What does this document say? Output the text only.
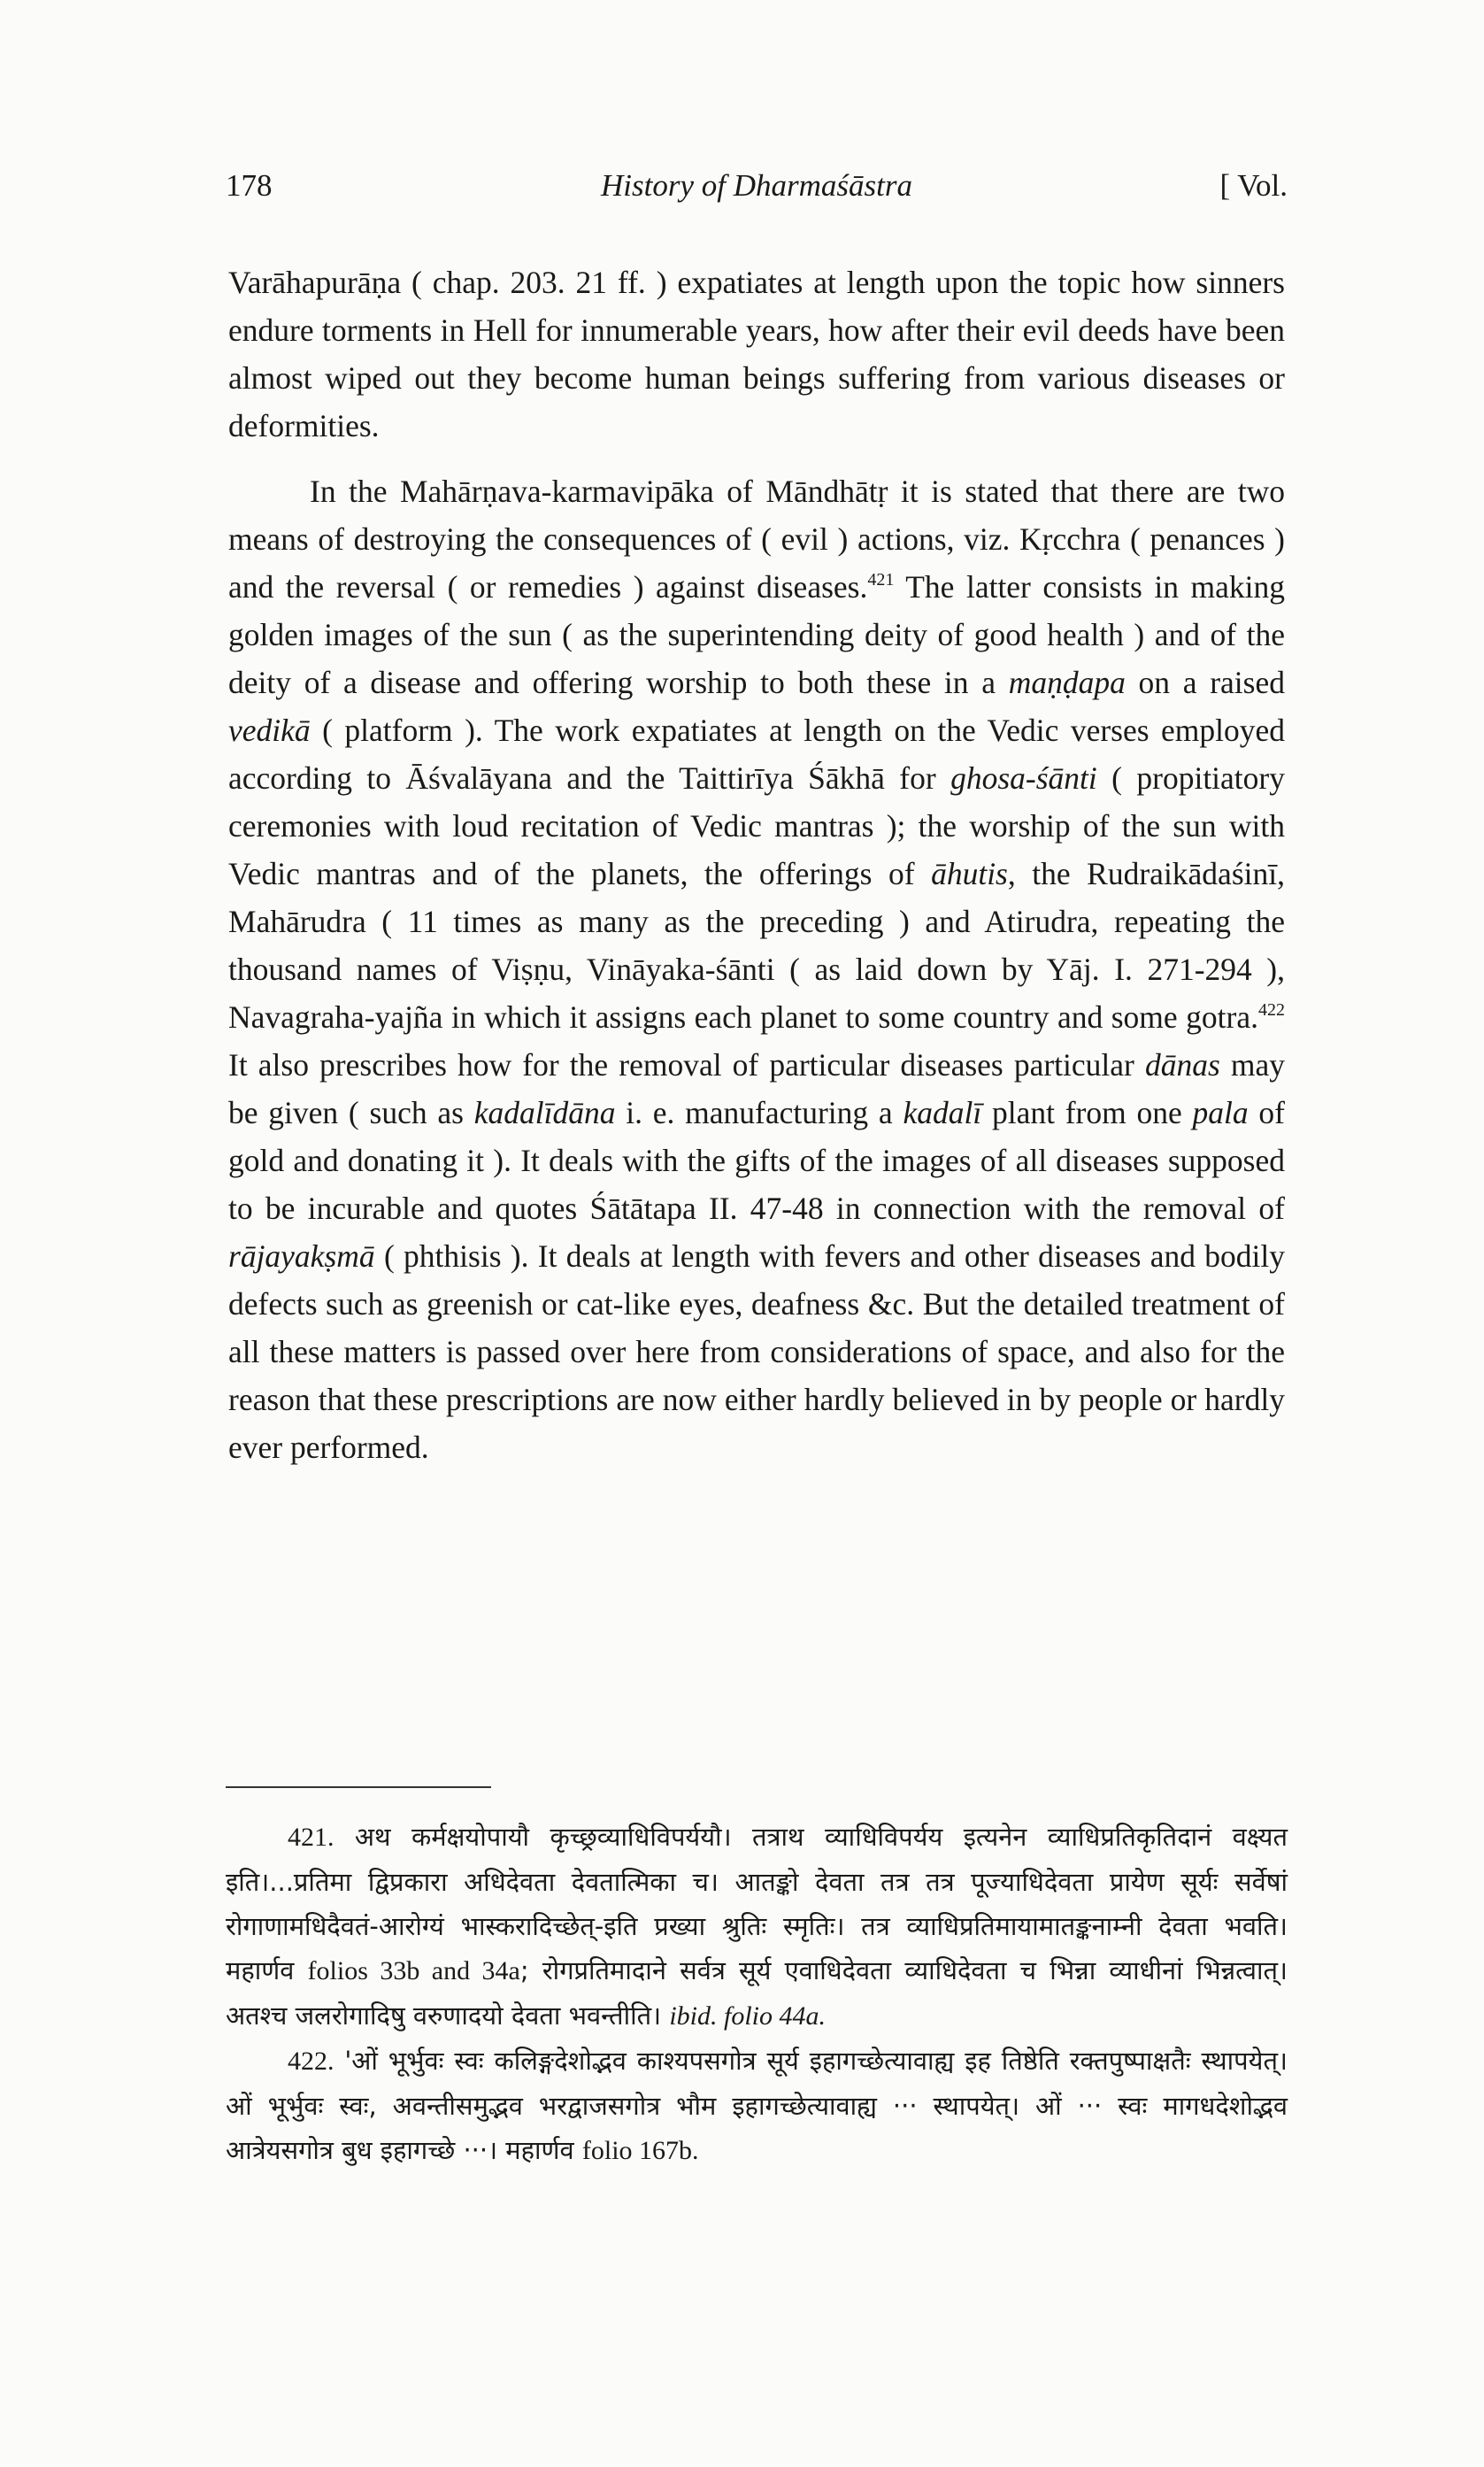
178	History of Dharmaśāstra	[ Vol.

Varāhapurāṇa ( chap. 203. 21 ff. ) expatiates at length upon the topic how sinners endure torments in Hell for innumerable years, how after their evil deeds have been almost wiped out they become human beings suffering from various diseases or deformities.

In the Mahārṇava-karmavipāka of Māndhātṛ it is stated that there are two means of destroying the consequences of ( evil ) actions, viz. Kṛcchra ( penances ) and the reversal ( or remedies ) against diseases.$^{421}$ The latter consists in making golden images of the sun ( as the superintending deity of good health ) and of the deity of a disease and offering worship to both these in a maṇḍapa on a raised vedikā ( platform ). The work expatiates at length on the Vedic verses employed according to Āśvalāyana and the Taittirīya Śākhā for ghosa-śānti ( propitiatory ceremonies with loud recitation of Vedic mantras ); the worship of the sun with Vedic mantras and of the planets, the offerings of āhutis, the Rudraikādaśinī, Mahārudra ( 11 times as many as the preceding ) and Atirudra, repeating the thousand names of Viṣṇu, Vināyaka-śānti ( as laid down by Yāj. I. 271-294 ), Navagraha-yajña in which it assigns each planet to some country and some gotra.$^{422}$ It also prescribes how for the removal of particular diseases particular dānas may be given ( such as kadalīdāna i. e. manufacturing a kadalī plant from one pala of gold and donating it ). It deals with the gifts of the images of all diseases supposed to be incurable and quotes Śātātapa II. 47-48 in connection with the removal of rājayakṣmā ( phthisis ). It deals at length with fevers and other diseases and bodily defects such as greenish or cat-like eyes, deafness &c. But the detailed treatment of all these matters is passed over here from considerations of space, and also for the reason that these prescriptions are now either hardly believed in by people or hardly ever performed.

421. अथ कर्मक्षयोपायौ कृच्छ्रव्याधिविपर्ययौ। तत्राथ व्याधिविपर्यय इत्यनेन व्याधिप्रतिकृतिदानं वक्ष्यत इति।...प्रतिमा द्विप्रकारा अधिदेवता देवतात्मिका च। आतङ्को देवता तत्र तत्र पूज्याधिदेवता प्रायेण सूर्यः सर्वेषां रोगाणामधिदैवतं-आरोग्यं भास्करादिच्छेत्-इति प्रख्या श्रुतिः स्मृतिः। तत्र व्याधिप्रतिमायामातङ्कनाम्नी देवता भवति। महार्णव folios 33b and 34a; रोगप्रतिमादाने सर्वत्र सूर्य एवाधिदेवता व्याधिदेवता च भिन्ना व्याधीनां भिन्नत्वात्। अतश्च जलरोगादिषु वरुणादयो देवता भवन्तीति। ibid. folio 44a.

422. 'ओं भूर्भुवः स्वः कलिङ्गदेशोद्भव काश्यपसगोत्र सूर्य इहागच्छेत्यावाह्य इह तिष्ठेति रक्तपुष्पाक्षतैः स्थापयेत्। ओं भूर्भुवः स्वः, अवन्तीसमुद्भव भरद्वाजसगोत्र भौम इहागच्छेत्यावाह्य ··· स्थापयेत्। ओं ··· स्वः मागधदेशोद्भव आत्रेयसगोत्र बुध इहागच्छे ···। महार्णव folio 167b.
